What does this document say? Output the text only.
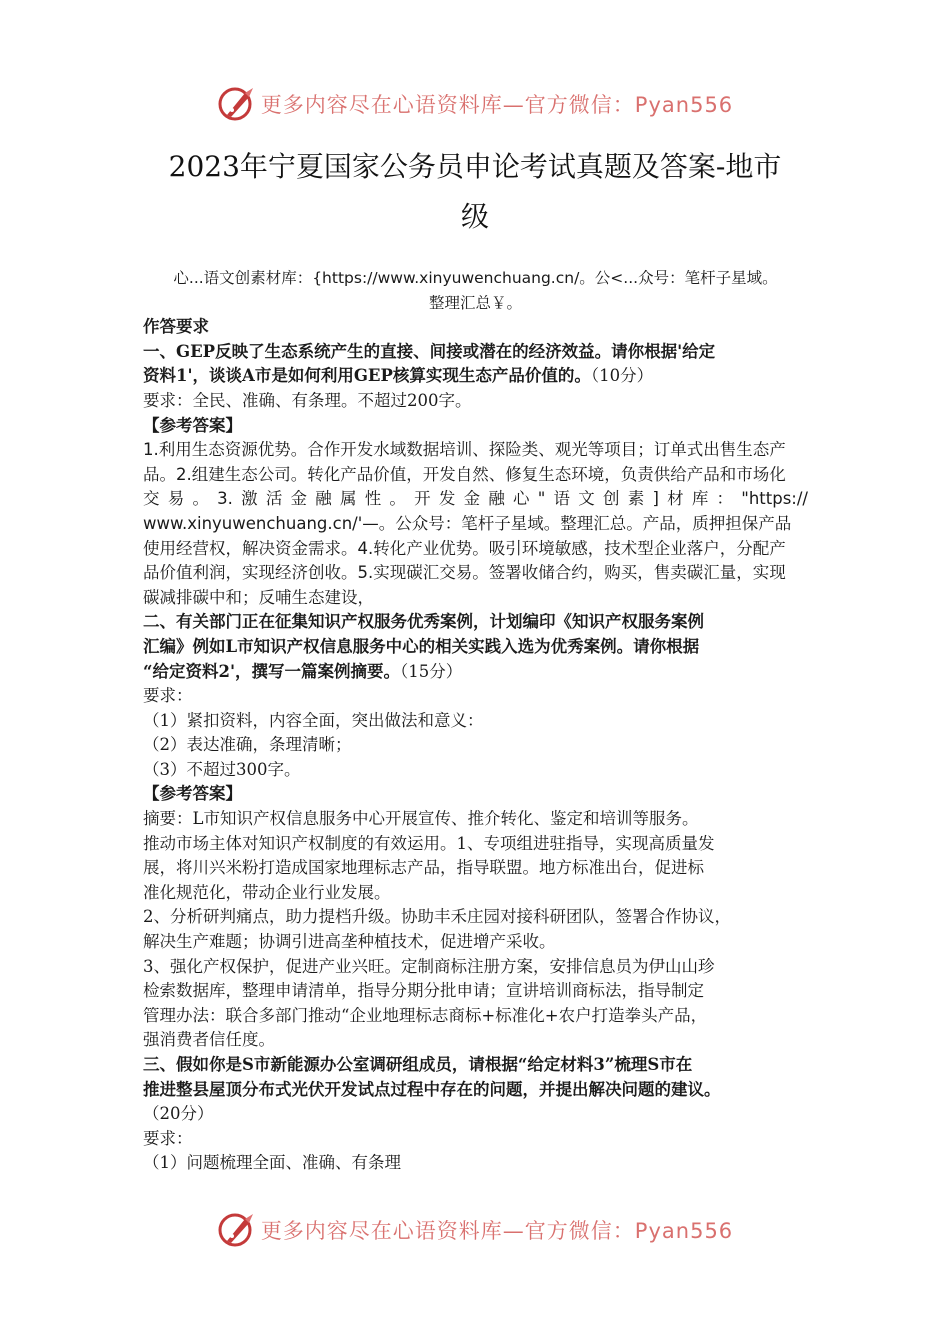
更多内容尽在心语资料库—官方微信：Pyan556
2023年宁夏国家公务员申论考试真题及答案-地市
级

心...语文创素材库：{https://www.xinyuwenchuang.cn/。公<...众号：笔杆子星域。

整理汇总￥。

作答要求

一、GEP反映了生态系统产生的直接、间接或潜在的经济效益。请你根据'给定

资料1'，谈谈A市是如何利用GEP核算实现生态产品价值的。（10分）

要求：全民、准确、有条理。不超过200字。

【参考答案】

1.利用生态资源优势。合作开发水域数据培训、探险类、观光等项目；订单式出售生态产

品。2.组建生态公司。转化产品价值，开发自然、修复生态环境，负责供给产品和市场化

交易。3.激活金融属性。开发金融心"语文创素]材库："https://

www.xinyuwenchuang.cn/'—。公众号：笔杆子星域。整理汇总。产品，质押担保产品

使用经营权，解决资金需求。4.转化产业优势。吸引环境敏感，技术型企业落户，分配产

品价值利润，实现经济创收。5.实现碳汇交易。签署收储合约，购买，售卖碳汇量，实现

碳减排碳中和；反哺生态建设，

二、有关部门正在征集知识产权服务优秀案例，计划编印《知识产权服务案例

汇编》例如L市知识产权信息服务中心的相关实践入选为优秀案例。请你根据

“给定资料2'，撰写一篇案例摘要。（15分）

要求：

（1）紧扣资料，内容全面，突出做法和意义：

（2）表达准确，条理清晰；

（3）不超过300字。

【参考答案】

摘要：L市知识产权信息服务中心开展宣传、推介转化、鉴定和培训等服务。

推动市场主体对知识产权制度的有效运用。1、专项组进驻指导，实现高质量发

展，将川兴米粉打造成国家地理标志产品，指导联盟。地方标准出台，促进标

准化规范化，带动企业行业发展。

2、分析研判痛点，助力提档升级。协助丰禾庄园对接科研团队，签署合作协议，

解决生产难题；协调引进高垄种植技术，促进增产采收。

3、强化产权保护，促进产业兴旺。定制商标注册方案，安排信息员为伊山山珍

检索数据库，整理申请清单，指导分期分批申请；宣讲培训商标法，指导制定

管理办法：联合多部门推动“企业地理标志商标+标准化+农户打造拳头产品，

强消费者信任度。

三、假如你是S市新能源办公室调研组成员，请根据“给定材料3”梳理S市在

推进整县屋顶分布式光伏开发试点过程中存在的问题，并提出解决问题的建议。

（20分）

要求：

（1）问题梳理全面、准确、有条理

更多内容尽在心语资料库—官方微信：Pyan556
